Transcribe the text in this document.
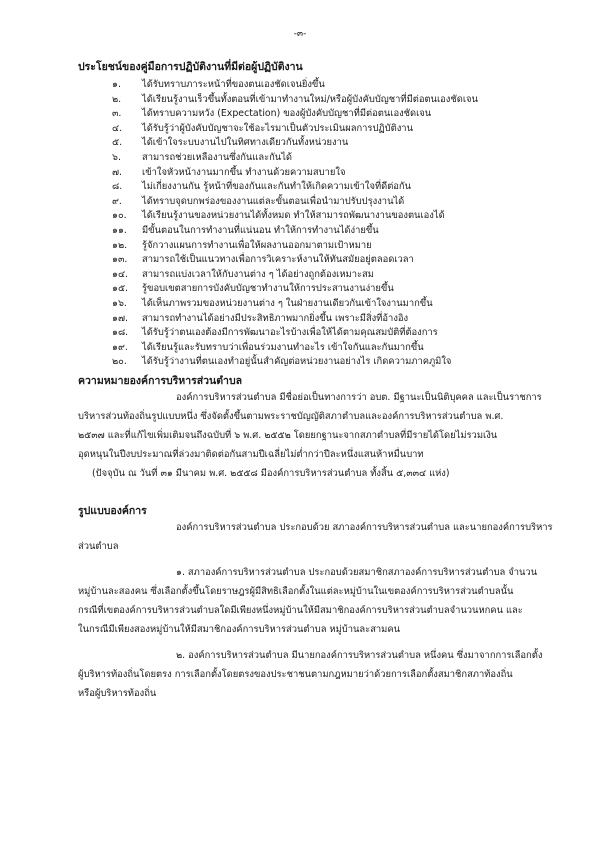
-๓-
ประโยชน์ของคู่มือการปฏิบัติงานที่มีต่อผู้ปฏิบัติงาน
๑.	ได้รับทราบภาระหน้าที่ของตนเองชัดเจนยิ่งขึ้น
๒.	ได้เรียนรู้งานเร็วขึ้นทั้งตอนที่เข้ามาทำงานใหม่/หรือผู้บังคับบัญชาที่มีต่อตนเองชัดเจน
๓.	ได้ทราบความหวัง (Expectation) ของผู้บังคับบัญชาที่มีต่อตนเองชัดเจน
๔.	ได้รับรู้ว่าผู้บังคับบัญชาจะใช้อะไรมาเป็นตัวประเมินผลการปฏิบัติงาน
๕.	ได้เข้าใจระบบงานไปในทิศทางเดียวกันทั้งหน่วยงาน
๖.	สามารถช่วยเหลืองานซึ่งกันและกันได้
๗.	เข้าใจหัวหน้างานมากขึ้น ทำงานด้วยความสบายใจ
๘.	ไม่เกี่ยงงานกัน รู้หน้าที่ของกันและกันทำให้เกิดความเข้าใจที่ดีต่อกัน
๙.	ได้ทราบจุดบกพร่องของงานแต่ละขั้นตอนเพื่อนำมาปรับปรุงงานได้
๑๐.	ได้เรียนรู้งานของหน่วยงานได้ทั้งหมด ทำให้สามารถพัฒนางานของตนเองได้
๑๑.	มีขั้นตอนในการทำงานที่แน่นอน ทำให้การทำงานได้ง่ายขึ้น
๑๒.	รู้จักวางแผนการทำงานเพื่อให้ผลงานออกมาตามเป้าหมาย
๑๓.	สามารถใช้เป็นแนวทางเพื่อการวิเคราะห์งานให้ทันสมัยอยู่ตลอดเวลา
๑๔.	สามารถแบ่งเวลาให้กับงานต่าง ๆ ได้อย่างถูกต้องเหมาะสม
๑๕.	รู้ขอบเขตสายการบังคับบัญชาทำงานให้การประสานงานง่ายขึ้น
๑๖.	ได้เห็นภาพรวมของหน่วยงานต่าง ๆ ในฝ่ายงานเดียวกันเข้าใจงานมากขึ้น
๑๗.	สามารถทำงานได้อย่างมีประสิทธิภาพมากยิ่งขึ้น เพราะมีสิ่งที่อ้างอิง
๑๘.	ได้รับรู้ว่าตนเองต้องมีการพัฒนาอะไรบ้างเพื่อให้ได้ตามคุณสมบัติที่ต้องการ
๑๙.	ได้เรียนรู้และรับทราบว่าเพื่อนร่วมงานทำอะไร เข้าใจกันและกันมากขึ้น
๒๐.	ได้รับรู้ว่างานที่ตนเองทำอยู่นั้นสำคัญต่อหน่วยงานอย่างไร เกิดความภาคภูมิใจ
ความหมายองค์การบริหารส่วนตำบล
องค์การบริหารส่วนตำบล มีชื่อย่อเป็นทางการว่า อบต. มีฐานะเป็นนิติบุคคล และเป็นราชการ
บริหารส่วนท้องถิ่นรูปแบบหนึ่ง ซึ่งจัดตั้งขึ้นตามพระราชบัญญัติสภาตำบลและองค์การบริหารส่วนตำบล พ.ศ.
๒๕๓๗ และที่แก้ไขเพิ่มเติมจนถึงฉบับที่ ๖ พ.ศ. ๒๕๕๒ โดยยกฐานะจากสภาตำบลที่มีรายได้โดยไม่รวมเงิน
อุดหนุนในปีงบประมาณที่ล่วงมาติดต่อกันสามปีเฉลี่ยไม่ต่ำกว่าปีละหนึ่งแสนห้าหมื่นบาท
(ปัจจุบัน ณ วันที่ ๓๑ มีนาคม พ.ศ. ๒๕๕๘ มีองค์การบริหารส่วนตำบล ทั้งสิ้น ๕,๓๓๔ แห่ง)
รูปแบบองค์การ
องค์การบริหารส่วนตำบล ประกอบด้วย สภาองค์การบริหารส่วนตำบล และนายกองค์การบริหาร
ส่วนตำบล
๑. สภาองค์การบริหารส่วนตำบล ประกอบด้วยสมาชิกสภาองค์การบริหารส่วนตำบล จำนวน
หมู่บ้านละสองคน ซึ่งเลือกตั้งขึ้นโดยราษฎรผู้มีสิทธิเลือกตั้งในแต่ละหมู่บ้านในเขตองค์การบริหารส่วนตำบลนั้น
กรณีที่เขตองค์การบริหารส่วนตำบลใดมีเพียงหนึ่งหมู่บ้านให้มีสมาชิกองค์การบริหารส่วนตำบลจำนวนหกคน และ
ในกรณีมีเพียงสองหมู่บ้านให้มีสมาชิกองค์การบริหารส่วนตำบล หมู่บ้านละสามคน
๒. องค์การบริหารส่วนตำบล มีนายกองค์การบริหารส่วนตำบล หนึ่งคน ซึ่งมาจากการเลือกตั้ง
ผู้บริหารท้องถิ่นโดยตรง การเลือกตั้งโดยตรงของประชาชนตามกฎหมายว่าด้วยการเลือกตั้งสมาชิกสภาท้องถิ่น
หรือผู้บริหารท้องถิ่น
